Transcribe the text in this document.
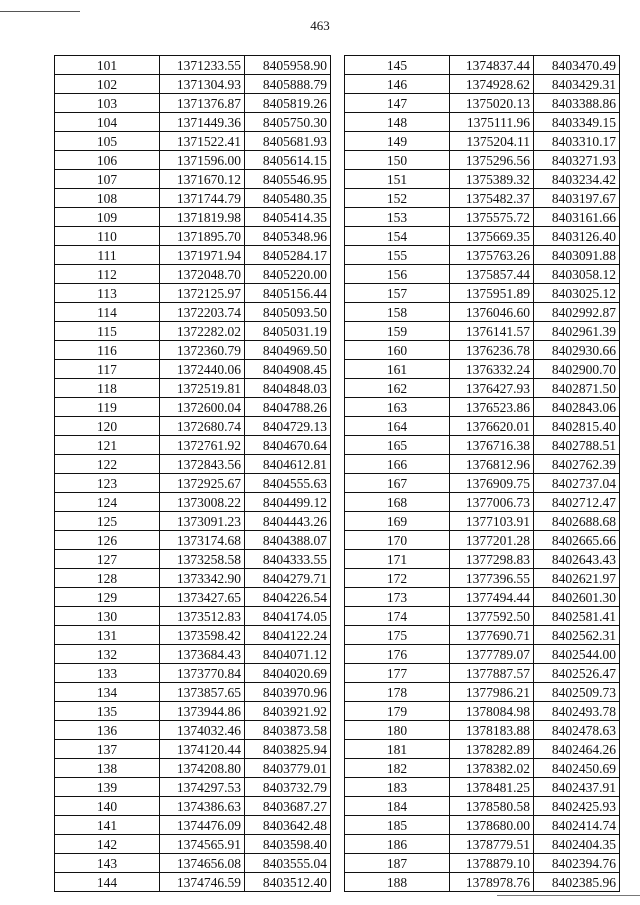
463
101	1371233.55	8405958.90
102	1371304.93	8405888.79
103	1371376.87	8405819.26
104	1371449.36	8405750.30
105	1371522.41	8405681.93
106	1371596.00	8405614.15
107	1371670.12	8405546.95
108	1371744.79	8405480.35
109	1371819.98	8405414.35
110	1371895.70	8405348.96
111	1371971.94	8405284.17
112	1372048.70	8405220.00
113	1372125.97	8405156.44
114	1372203.74	8405093.50
115	1372282.02	8405031.19
116	1372360.79	8404969.50
117	1372440.06	8404908.45
118	1372519.81	8404848.03
119	1372600.04	8404788.26
120	1372680.74	8404729.13
121	1372761.92	8404670.64
122	1372843.56	8404612.81
123	1372925.67	8404555.63
124	1373008.22	8404499.12
125	1373091.23	8404443.26
126	1373174.68	8404388.07
127	1373258.58	8404333.55
128	1373342.90	8404279.71
129	1373427.65	8404226.54
130	1373512.83	8404174.05
131	1373598.42	8404122.24
132	1373684.43	8404071.12
133	1373770.84	8404020.69
134	1373857.65	8403970.96
135	1373944.86	8403921.92
136	1374032.46	8403873.58
137	1374120.44	8403825.94
138	1374208.80	8403779.01
139	1374297.53	8403732.79
140	1374386.63	8403687.27
141	1374476.09	8403642.48
142	1374565.91	8403598.40
143	1374656.08	8403555.04
144	1374746.59	8403512.40
145	1374837.44	8403470.49
146	1374928.62	8403429.31
147	1375020.13	8403388.86
148	1375111.96	8403349.15
149	1375204.11	8403310.17
150	1375296.56	8403271.93
151	1375389.32	8403234.42
152	1375482.37	8403197.67
153	1375575.72	8403161.66
154	1375669.35	8403126.40
155	1375763.26	8403091.88
156	1375857.44	8403058.12
157	1375951.89	8403025.12
158	1376046.60	8402992.87
159	1376141.57	8402961.39
160	1376236.78	8402930.66
161	1376332.24	8402900.70
162	1376427.93	8402871.50
163	1376523.86	8402843.06
164	1376620.01	8402815.40
165	1376716.38	8402788.51
166	1376812.96	8402762.39
167	1376909.75	8402737.04
168	1377006.73	8402712.47
169	1377103.91	8402688.68
170	1377201.28	8402665.66
171	1377298.83	8402643.43
172	1377396.55	8402621.97
173	1377494.44	8402601.30
174	1377592.50	8402581.41
175	1377690.71	8402562.31
176	1377789.07	8402544.00
177	1377887.57	8402526.47
178	1377986.21	8402509.73
179	1378084.98	8402493.78
180	1378183.88	8402478.63
181	1378282.89	8402464.26
182	1378382.02	8402450.69
183	1378481.25	8402437.91
184	1378580.58	8402425.93
185	1378680.00	8402414.74
186	1378779.51	8402404.35
187	1378879.10	8402394.76
188	1378978.76	8402385.96
